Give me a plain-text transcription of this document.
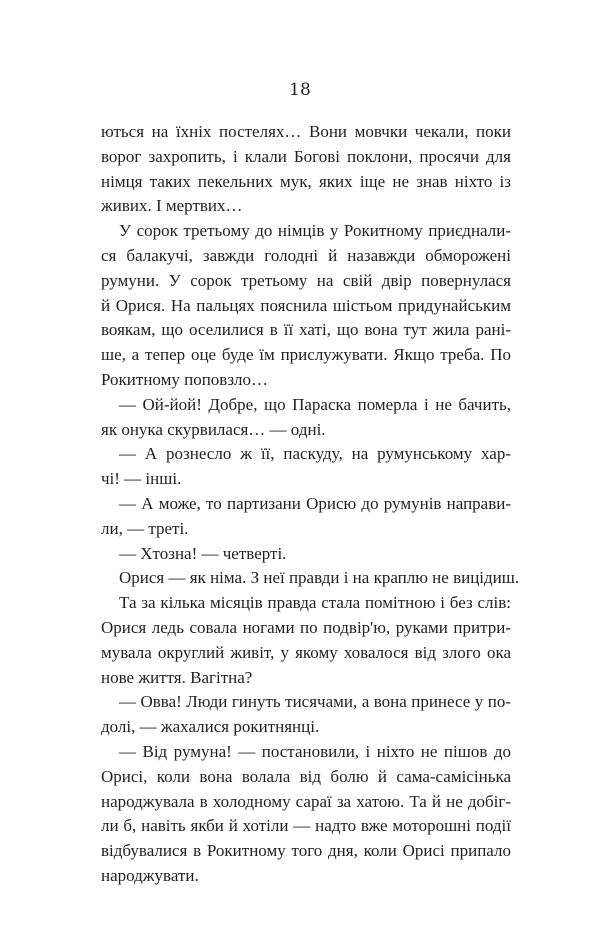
18
ються на їхніх постелях… Вони мовчки чекали, поки
ворог захропить, і клали Богові поклони, просячи для
німця таких пекельних мук, яких іще не знав ніхто із
живих. І мертвих…
У сорок третьому до німців у Рокитному приєднали-
ся балакучі, завжди голодні й назавжди обморожені
румуни. У сорок третьому на свій двір повернулася
й Орися. На пальцях пояснила шістьом придунайським
воякам, що оселилися в її хаті, що вона тут жила рані-
ше, а тепер оце буде їм прислужувати. Якщо треба. По
Рокитному поповзло…
— Ой-йой! Добре, що Параска померла і не бачить,
як онука скурвилася… — одні.
— А рознесло ж її, паскуду, на румунському хар-
чі! — інші.
— А може, то партизани Орисю до румунів направи-
ли, — треті.
— Хтозна! — четверті.
Орися — як німа. З неї правди і на краплю не вицідиш.
Та за кілька місяців правда стала помітною і без слів:
Орися ледь совала ногами по подвір'ю, руками притри-
мувала округлий живіт, у якому ховалося від злого ока
нове життя. Вагітна?
— Овва! Люди гинуть тисячами, а вона принесе у по-
долі, — жахалися рокитнянці.
— Від румуна! — постановили, і ніхто не пішов до
Орисі, коли вона волала від болю й сама-самісінька
народжувала в холодному сараї за хатою. Та й не добіг-
ли б, навіть якби й хотіли — надто вже моторошні події
відбувалися в Рокитному того дня, коли Орисі припало
народжувати.
